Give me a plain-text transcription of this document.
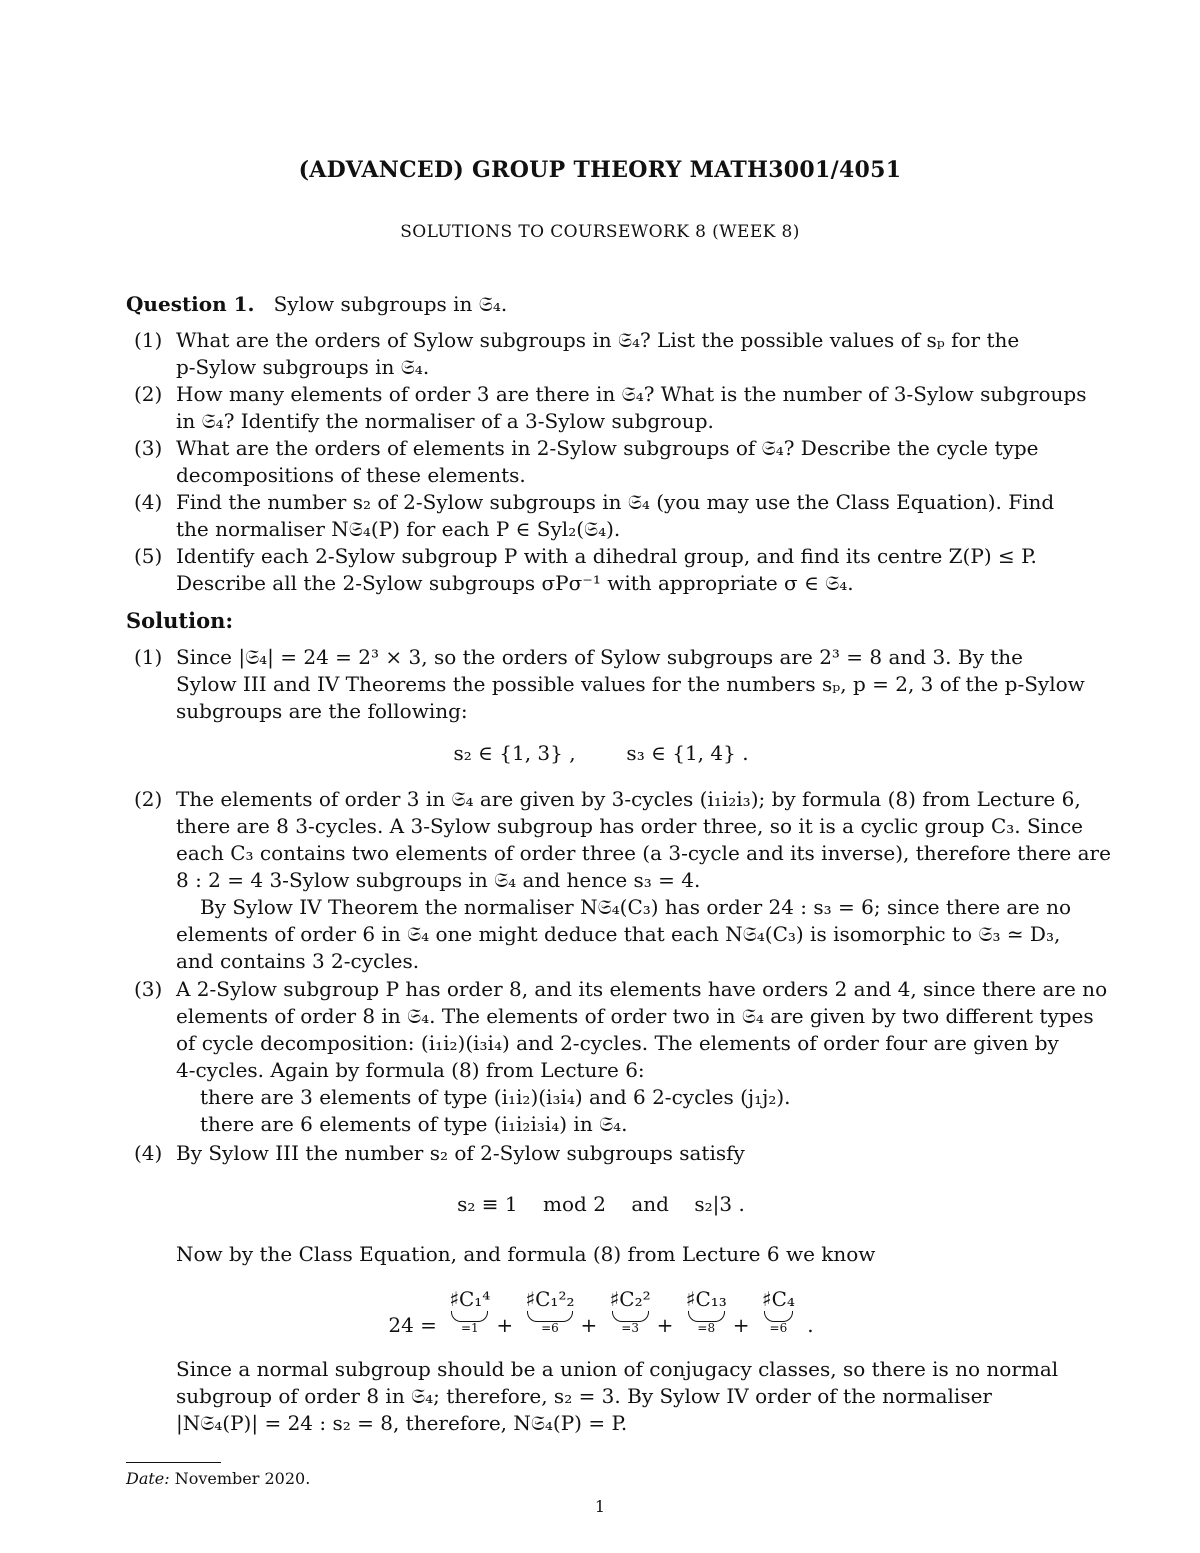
(ADVANCED) GROUP THEORY MATH3001/4051
SOLUTIONS TO COURSEWORK 8 (WEEK 8)
Question 1. Sylow subgroups in 𝔖₄.
(1) What are the orders of Sylow subgroups in 𝔖₄? List the possible values of sₚ for the
p-Sylow subgroups in 𝔖₄.
(2) How many elements of order 3 are there in 𝔖₄? What is the number of 3-Sylow subgroups
in 𝔖₄? Identify the normaliser of a 3-Sylow subgroup.
(3) What are the orders of elements in 2-Sylow subgroups of 𝔖₄? Describe the cycle type
decompositions of these elements.
(4) Find the number s₂ of 2-Sylow subgroups in 𝔖₄ (you may use the Class Equation). Find
the normaliser N𝔖₄(P) for each P ∈ Syl₂(𝔖₄).
(5) Identify each 2-Sylow subgroup P with a dihedral group, and find its centre Z(P) ≤ P.
Describe all the 2-Sylow subgroups σPσ⁻¹ with appropriate σ ∈ 𝔖₄.
Solution:
(1) Since |𝔖₄| = 24 = 2³ × 3, so the orders of Sylow subgroups are 2³ = 8 and 3. By the
Sylow III and IV Theorems the possible values for the numbers sₚ, p = 2, 3 of the p-Sylow
subgroups are the following:
s₂ ∈ {1, 3} ,        s₃ ∈ {1, 4} .
(2) The elements of order 3 in 𝔖₄ are given by 3-cycles (i₁i₂i₃); by formula (8) from Lecture 6,
there are 8 3-cycles. A 3-Sylow subgroup has order three, so it is a cyclic group C₃. Since
each C₃ contains two elements of order three (a 3-cycle and its inverse), therefore there are
8 : 2 = 4 3-Sylow subgroups in 𝔖₄ and hence s₃ = 4.
By Sylow IV Theorem the normaliser N𝔖₄(C₃) has order 24 : s₃ = 6; since there are no
elements of order 6 in 𝔖₄ one might deduce that each N𝔖₄(C₃) is isomorphic to 𝔖₃ ≃ D₃,
and contains 3 2-cycles.
(3) A 2-Sylow subgroup P has order 8, and its elements have orders 2 and 4, since there are no
elements of order 8 in 𝔖₄. The elements of order two in 𝔖₄ are given by two different types
of cycle decomposition: (i₁i₂)(i₃i₄) and 2-cycles. The elements of order four are given by
4-cycles. Again by formula (8) from Lecture 6:
there are 3 elements of type (i₁i₂)(i₃i₄) and 6 2-cycles (j₁j₂).
there are 6 elements of type (i₁i₂i₃i₄) in 𝔖₄.
(4) By Sylow III the number s₂ of 2-Sylow subgroups satisfy
s₂ ≡ 1    mod 2    and    s₂|3 .
Now by the Class Equation, and formula (8) from Lecture 6 we know
24 =
♯C₁⁴
=1 +
♯C₁²₂
=6	+
♯C₂²
=3 +
♯C₁₃
=8 +
♯C₄
=6	.
Since a normal subgroup should be a union of conjugacy classes, so there is no normal
subgroup of order 8 in 𝔖₄; therefore, s₂ = 3. By Sylow IV order of the normaliser
|N𝔖₄(P)| = 24 : s₂ = 8, therefore, N𝔖₄(P) = P.
Date: November 2020.
1
